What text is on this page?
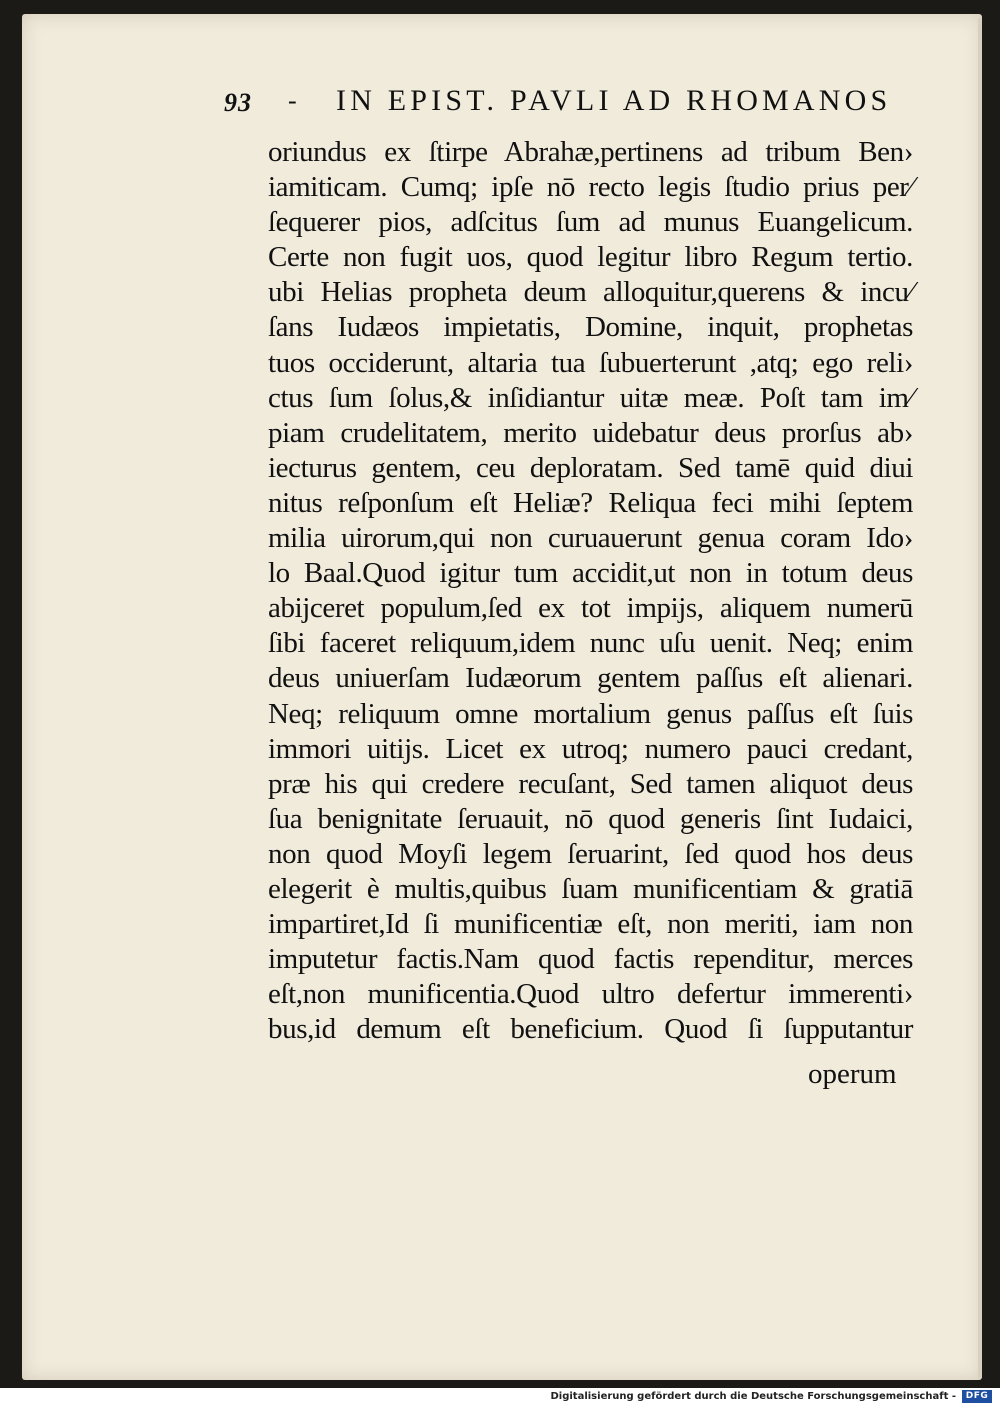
93 - IN EPIST. PAVLI AD RHOMANOS
oriundus ex ſtirpe Abrahæ,pertinens ad tribum Ben›
iamiticam. Cumq; ipſe nō recto legis ſtudio prius per⁄
ſequerer pios, adſcitus ſum ad munus Euangelicum.
Certe non fugit uos, quod legitur libro Regum tertio.
ubi Helias propheta deum alloquitur,querens & incu⁄
ſans Iudæos impietatis, Domine, inquit, prophetas
tuos occiderunt, altaria tua ſubuerterunt ,atq; ego reli›
ctus ſum ſolus,& inſidiantur uitæ meæ. Poſt tam im⁄
piam crudelitatem, merito uidebatur deus prorſus ab›
iecturus gentem, ceu deploratam. Sed tamē quid diui
nitus reſponſum eſt Heliæ? Reliqua feci mihi ſeptem
milia uirorum,qui non curuauerunt genua coram Ido›
lo Baal.Quod igitur tum accidit,ut non in totum deus
abijceret populum,ſed ex tot impijs, aliquem numerū
ſibi faceret reliquum,idem nunc uſu uenit. Neq; enim
deus uniuerſam Iudæorum gentem paſſus eſt alienari.
Neq; reliquum omne mortalium genus paſſus eſt ſuis
immori uitijs. Licet ex utroq; numero pauci credant,
præ his qui credere recuſant, Sed tamen aliquot deus
ſua benignitate ſeruauit, nō quod generis ſint Iudaici,
non quod Moyſi legem ſeruarint, ſed quod hos deus
elegerit è multis,quibus ſuam munificentiam & gratiā
impartiret,Id ſi munificentiæ eſt, non meriti, iam non
imputetur factis.Nam quod factis rependitur, merces
eſt,non munificentia.Quod ultro defertur immerenti›
bus,id demum eſt beneficium. Quod ſi ſupputantur
operum
Digitalisierung gefördert durch die Deutsche Forschungsgemeinschaft -	DFG
